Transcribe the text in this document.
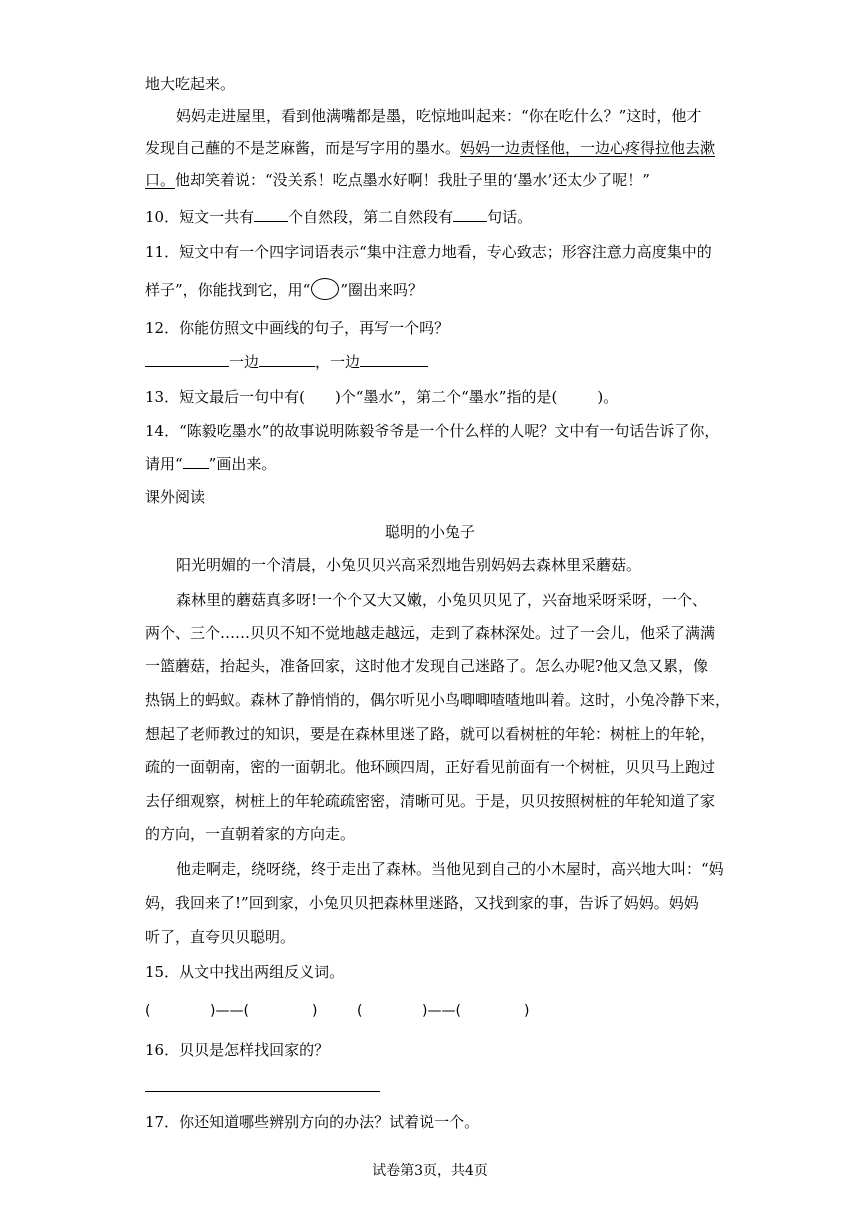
地大吃起来。
妈妈走进屋里，看到他满嘴都是墨，吃惊地叫起来：“你在吃什么？”这时，他才
发现自己蘸的不是芝麻酱，而是写字用的墨水。妈妈一边责怪他，一边心疼得拉他去漱
口。他却笑着说：“没关系！吃点墨水好啊！我肚子里的‘墨水’还太少了呢！”
10．短文一共有 个自然段，第二自然段有 句话。
11．短文中有一个四字词语表示“集中注意力地看，专心致志；形容注意力高度集中的
样子”，你能找到它，用“○”圈出来吗？
12．你能仿照文中画线的句子，再写一个吗？
一边	，一边
13．短文最后一句中有( )个“墨水”，第二个“墨水”指的是(	)。
14．“陈毅吃墨水”的故事说明陈毅爷爷是一个什么样的人呢？文中有一句话告诉了你，
请用“ ”画出来。
课外阅读
聪明的小兔子
阳光明媚的一个清晨，小兔贝贝兴高采烈地告别妈妈去森林里采蘑菇。
森林里的蘑菇真多呀!一个个又大又嫩，小兔贝贝见了，兴奋地采呀采呀，一个、
两个、三个……贝贝不知不觉地越走越远，走到了森林深处。过了一会儿，他采了满满
一篮蘑菇，抬起头，准备回家，这时他才发现自己迷路了。怎么办呢?他又急又累，像
热锅上的蚂蚁。森林了静悄悄的，偶尔听见小鸟唧唧喳喳地叫着。这时，小兔冷静下来，
想起了老师教过的知识，要是在森林里迷了路，就可以看树桩的年轮：树桩上的年轮，
疏的一面朝南，密的一面朝北。他环顾四周，正好看见前面有一个树桩，贝贝马上跑过
去仔细观察，树桩上的年轮疏疏密密，清晰可见。于是，贝贝按照树桩的年轮知道了家
的方向，一直朝着家的方向走。
他走啊走，绕呀绕，终于走出了森林。当他见到自己的小木屋时，高兴地大叫：“妈
妈，我回来了!”回到家，小兔贝贝把森林里迷路，又找到家的事，告诉了妈妈。妈妈
听了，直夸贝贝聪明。
15．从文中找出两组反义词。
(	)——(	)	(	)——(	)
16．贝贝是怎样找回家的？
17．你还知道哪些辨别方向的办法？试着说一个。
试卷第3页，共4页
